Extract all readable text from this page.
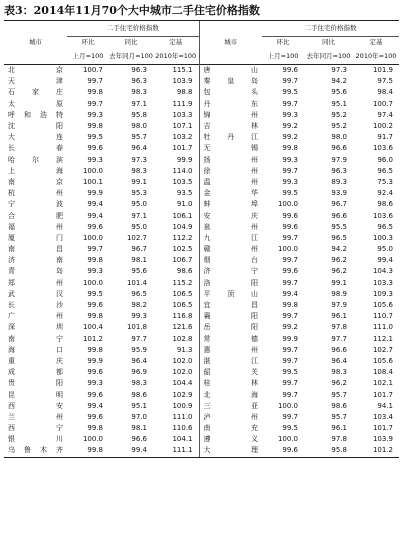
表3：2014年11月70个大中城市二手住宅价格指数
城市	二手住宅价格指数			城市	二手住宅价格指数		
	环比	同比	定基		环比	同比	定基
	上月=100	去年同月=100	2010年=100		上月=100	去年同月=100	2010年=100
北京	100.7	96.3	115.1	唐山	99.6	97.3	101.9
天津	99.7	96.3	103.9	秦皇岛	99.7	94.2	97.5
石家庄	99.8	98.3	98.8	包头	99.5	95.6	98.4
太原	99.7	97.1	111.9	丹东	99.7	95.1	100.7
呼和浩特	99.3	95.8	103.3	锦州	99.3	95.2	97.4
沈阳	99.8	98.0	107.1	吉林	99.2	95.2	100.2
大连	99.5	95.7	103.2	牡丹江	99.2	98.0	91.7
长春	99.6	96.4	101.7	无锡	99.8	96.6	103.6
哈尔滨	99.3	97.3	99.9	扬州	99.3	97.9	96.0
上海	100.0	98.3	114.0	徐州	99.7	96.3	96.5
南京	100.1	99.1	103.5	温州	99.3	89.3	75.3
杭州	99.9	95.3	93.5	金华	99.5	93.9	92.4
宁波	99.4	95.0	91.0	蚌埠	100.0	96.7	98.6
合肥	99.4	97.1	106.1	安庆	99.6	96.6	103.6
福州	99.6	95.0	104.9	泉州	99.6	95.5	96.5
厦门	100.0	102.7	112.2	九江	99.7	96.5	100.3
南昌	99.7	96.7	102.5	赣州	100.0	94.2	95.0
济南	99.8	98.1	106.7	烟台	99.7	96.2	99.4
青岛	99.3	95.6	98.6	济宁	99.6	96.2	104.3
郑州	100.0	101.4	115.2	洛阳	99.7	99.1	103.3
武汉	99.5	96.5	106.5	平顶山	99.4	98.9	109.3
长沙	99.6	98.2	106.5	宜昌	99.8	97.9	105.6
广州	99.8	99.3	116.8	襄阳	99.7	96.1	110.7
深圳	100.4	101.8	121.6	岳阳	99.2	97.8	111.0
南宁	101.2	97.7	102.8	常德	99.9	97.7	112.1
海口	99.8	95.9	91.3	惠州	99.7	96.6	102.7
重庆	99.9	96.4	102.0	湛江	99.7	96.4	105.6
成都	99.6	96.9	102.0	韶关	99.5	98.3	108.4
贵阳	99.3	98.3	104.4	桂林	99.7	96.2	102.1
昆明	99.6	98.6	102.9	北海	99.7	95.7	101.7
西安	99.4	95.1	100.9	三亚	100.0	98.6	94.1
兰州	99.6	97.0	111.0	泸州	99.7	95.7	103.4
西宁	99.8	98.1	110.6	南充	99.5	96.1	101.7
银川	100.0	96.6	104.1	遵义	100.0	97.8	103.9
乌鲁木齐	99.8	99.4	111.1	大理	99.6	95.8	101.2
